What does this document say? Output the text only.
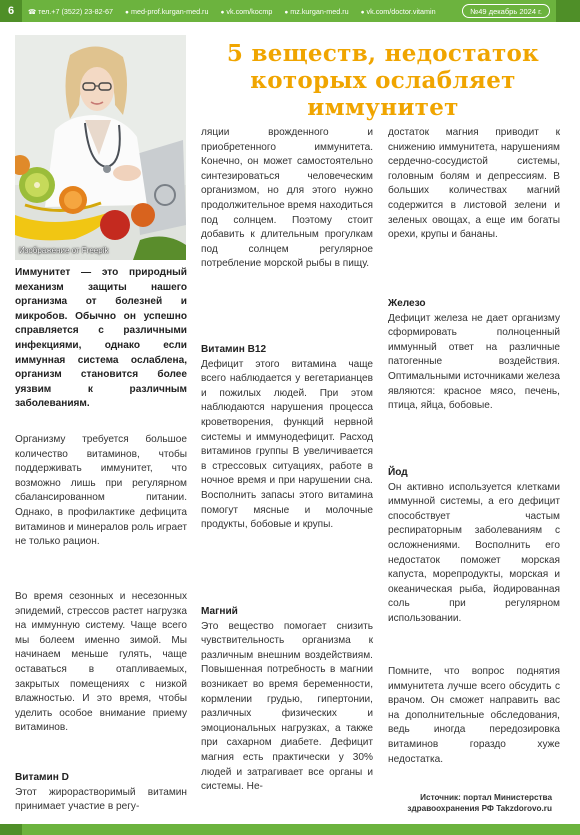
6	☎ тел.+7 (3522) 23-82-67 ● med-prof.kurgan-med.ru ● vk.com/kocmp ● mz.kurgan-med.ru ● vk.com/doctor.vitamin	№49 декабрь 2024 г.
Изображение от Freepik
5 веществ, недостаток
которых ослабляет
иммунитет

Иммунитет — это природный механизм защиты нашего организма от болезней и микробов. Обычно он успешно справляется с различными инфекциями, однако если иммунная система ослаблена, организм становится более уязвим к различным заболеваниям.

Организму требуется большое количество витаминов, чтобы поддерживать иммунитет, что возможно лишь при регулярном сбалансированном питании. Однако, в профилактике дефицита витаминов и минералов роль играет не только рацион.

Во время сезонных и несезонных эпидемий, стрессов растет нагрузка на иммунную систему. Чаще всего мы болеем именно зимой. Мы начинаем меньше гулять, чаще оставаться в отапливаемых, закрытых помещениях с низкой влажностью. И это время, чтобы уделить особое внимание приему витаминов.

Витамин D

Этот жирорастворимый витамин принимает участие в регу-

ляции врожденного и приобретенного иммунитета. Конечно, он может самостоятельно синтезироваться человеческим организмом, но для этого нужно продолжительное время находиться под солнцем. Поэтому стоит добавить к длительным прогулкам под солнцем регулярное потребление морской рыбы в пищу.

Витамин В12

Дефицит этого витамина чаще всего наблюдается у вегетарианцев и пожилых людей. При этом наблюдаются нарушения процесса кроветворения, функций нервной системы и иммунодефицит. Расход витаминов группы В увеличивается в стрессовых ситуациях, работе в ночное время и при нарушении сна. Восполнить запасы этого витамина помогут мясные и молочные продукты, бобовые и крупы.

Магний

Это вещество помогает снизить чувствительность организма к различным внешним воздействиям. Повышенная потребность в магнии возникает во время беременности, кормлении грудью, гипертонии, различных физических и эмоциональных нагрузках, а также при сахарном диабете. Дефицит магния есть практически у 30% людей и затрагивает все органы и системы. Не-

достаток магния приводит к снижению иммунитета, нарушениям сердечно-сосудистой системы, головным болям и депрессиям. В больших количествах магний содержится в листовой зелени и зеленых овощах, а еще им богаты орехи, крупы и бананы.

Железо

Дефицит железа не дает организму сформировать полноценный иммунный ответ на различные патогенные воздействия. Оптимальными источниками железа являются: красное мясо, печень, птица, яйца, бобовые.

Йод

Он активно используется клетками иммунной системы, а его дефицит способствует частым респираторным заболеваниям с осложнениями. Восполнить его недостаток поможет морская капуста, морепродукты, морская и океаническая рыба, йодированная соль при регулярном использовании.

Помните, что вопрос поднятия иммунитета лучше всего обсудить с врачом. Он сможет направить вас на дополнительные обследования, ведь иногда передозировка витаминов гораздо хуже недостатка.

Источник: портал Министерства
здравоохранения РФ Takzdorovo.ru
